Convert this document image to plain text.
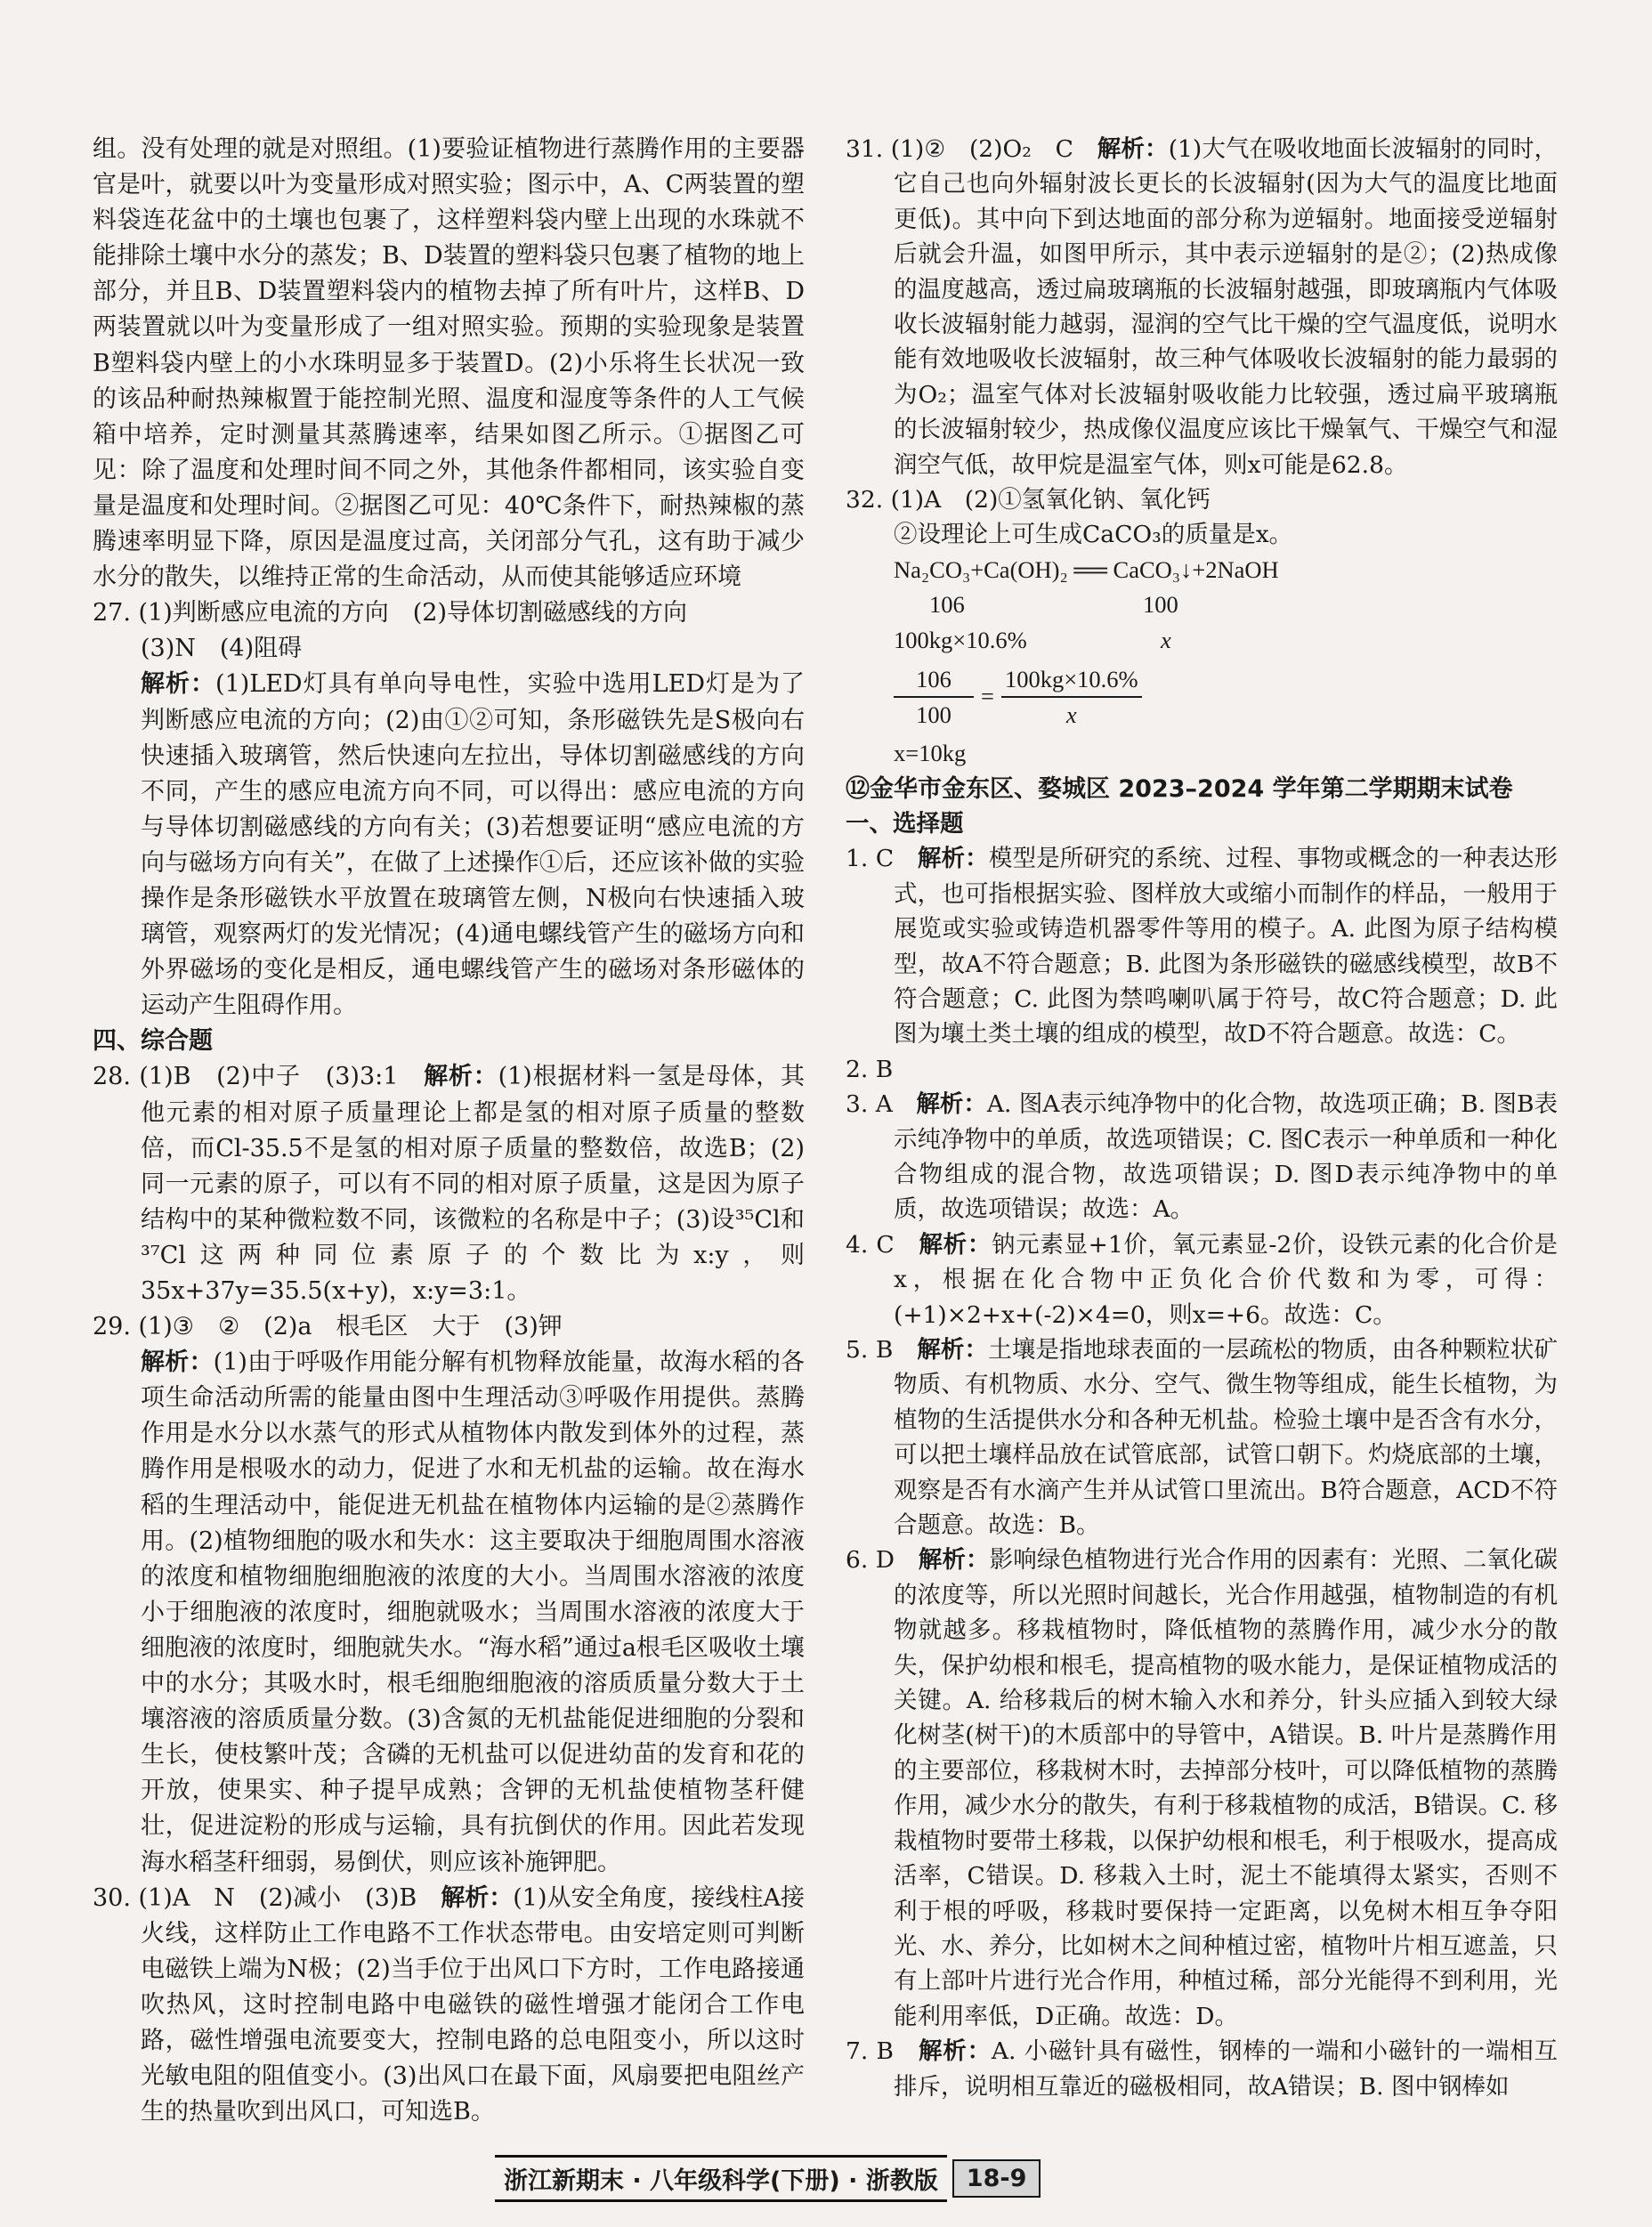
组。没有处理的就是对照组。(1)要验证植物进行蒸腾作用的主要器官是叶，就要以叶为变量形成对照实验；图示中，A、C两装置的塑料袋连花盆中的土壤也包裹了，这样塑料袋内壁上出现的水珠就不能排除土壤中水分的蒸发；B、D装置的塑料袋只包裹了植物的地上部分，并且B、D装置塑料袋内的植物去掉了所有叶片，这样B、D两装置就以叶为变量形成了一组对照实验。预期的实验现象是装置B塑料袋内壁上的小水珠明显多于装置D。(2)小乐将生长状况一致的该品种耐热辣椒置于能控制光照、温度和湿度等条件的人工气候箱中培养，定时测量其蒸腾速率，结果如图乙所示。①据图乙可见：除了温度和处理时间不同之外，其他条件都相同，该实验自变量是温度和处理时间。②据图乙可见：40℃条件下，耐热辣椒的蒸腾速率明显下降，原因是温度过高，关闭部分气孔，这有助于减少水分的散失，以维持正常的生命活动，从而使其能够适应环境

27. (1)判断感应电流的方向　(2)导体切割磁感线的方向

(3)N　(4)阻碍

解析：(1)LED灯具有单向导电性，实验中选用LED灯是为了判断感应电流的方向；(2)由①②可知，条形磁铁先是S极向右快速插入玻璃管，然后快速向左拉出，导体切割磁感线的方向不同，产生的感应电流方向不同，可以得出：感应电流的方向与导体切割磁感线的方向有关；(3)若想要证明“感应电流的方向与磁场方向有关”，在做了上述操作①后，还应该补做的实验操作是条形磁铁水平放置在玻璃管左侧，N极向右快速插入玻璃管，观察两灯的发光情况；(4)通电螺线管产生的磁场方向和外界磁场的变化是相反，通电螺线管产生的磁场对条形磁体的运动产生阻碍作用。

四、综合题

28. (1)B　(2)中子　(3)3:1　解析：(1)根据材料一氢是母体，其他元素的相对原子质量理论上都是氢的相对原子质量的整数倍，而Cl-35.5不是氢的相对原子质量的整数倍，故选B；(2)同一元素的原子，可以有不同的相对原子质量，这是因为原子结构中的某种微粒数不同，该微粒的名称是中子；(3)设³⁵Cl和³⁷Cl这两种同位素原子的个数比为x:y，则35x+37y=35.5(x+y)，x:y=3:1。

29. (1)③　②　(2)a　根毛区　大于　(3)钾

解析：(1)由于呼吸作用能分解有机物释放能量，故海水稻的各项生命活动所需的能量由图中生理活动③呼吸作用提供。蒸腾作用是水分以水蒸气的形式从植物体内散发到体外的过程，蒸腾作用是根吸水的动力，促进了水和无机盐的运输。故在海水稻的生理活动中，能促进无机盐在植物体内运输的是②蒸腾作用。(2)植物细胞的吸水和失水：这主要取决于细胞周围水溶液的浓度和植物细胞细胞液的浓度的大小。当周围水溶液的浓度小于细胞液的浓度时，细胞就吸水；当周围水溶液的浓度大于细胞液的浓度时，细胞就失水。“海水稻”通过a根毛区吸收土壤中的水分；其吸水时，根毛细胞细胞液的溶质质量分数大于土壤溶液的溶质质量分数。(3)含氮的无机盐能促进细胞的分裂和生长，使枝繁叶茂；含磷的无机盐可以促进幼苗的发育和花的开放，使果实、种子提早成熟；含钾的无机盐使植物茎秆健壮，促进淀粉的形成与运输，具有抗倒伏的作用。因此若发现海水稻茎秆细弱，易倒伏，则应该补施钾肥。

30. (1)A　N　(2)减小　(3)B　解析：(1)从安全角度，接线柱A接火线，这样防止工作电路不工作状态带电。由安培定则可判断电磁铁上端为N极；(2)当手位于出风口下方时，工作电路接通吹热风，这时控制电路中电磁铁的磁性增强才能闭合工作电路，磁性增强电流要变大，控制电路的总电阻变小，所以这时光敏电阻的阻值变小。(3)出风口在最下面，风扇要把电阻丝产生的热量吹到出风口，可知选B。

31. (1)②　(2)O₂　C　解析：(1)大气在吸收地面长波辐射的同时，它自己也向外辐射波长更长的长波辐射(因为大气的温度比地面更低)。其中向下到达地面的部分称为逆辐射。地面接受逆辐射后就会升温，如图甲所示，其中表示逆辐射的是②；(2)热成像的温度越高，透过扁玻璃瓶的长波辐射越强，即玻璃瓶内气体吸收长波辐射能力越弱，湿润的空气比干燥的空气温度低，说明水能有效地吸收长波辐射，故三种气体吸收长波辐射的能力最弱的为O₂；温室气体对长波辐射吸收能力比较强，透过扁平玻璃瓶的长波辐射较少，热成像仪温度应该比干燥氧气、干燥空气和湿润空气低，故甲烷是温室气体，则x可能是62.8。

32. (1)A　(2)①氢氧化钠、氧化钙

②设理论上可生成CaCO₃的质量是x。

Na₂CO₃+Ca(OH)₂ ══ CaCO₃↓+2NaOH
106	100
100kg×10.6%	x
$\frac{106}{100} = \frac{100kg\times 10.6\%}{x}$
x=10kg

⑫金华市金东区、婺城区 2023–2024 学年第二学期期末试卷

一、选择题

1. C　解析：模型是所研究的系统、过程、事物或概念的一种表达形式，也可指根据实验、图样放大或缩小而制作的样品，一般用于展览或实验或铸造机器零件等用的模子。A. 此图为原子结构模型，故A不符合题意；B. 此图为条形磁铁的磁感线模型，故B不符合题意；C. 此图为禁鸣喇叭属于符号，故C符合题意；D. 此图为壤土类土壤的组成的模型，故D不符合题意。故选：C。

2. B

3. A　解析：A. 图A表示纯净物中的化合物，故选项正确；B. 图B表示纯净物中的单质，故选项错误；C. 图C表示一种单质和一种化合物组成的混合物，故选项错误；D. 图D表示纯净物中的单质，故选项错误；故选：A。

4. C　解析：钠元素显+1价，氧元素显-2价，设铁元素的化合价是x，根据在化合物中正负化合价代数和为零，可得：(+1)×2+x+(-2)×4=0，则x=+6。故选：C。

5. B　解析：土壤是指地球表面的一层疏松的物质，由各种颗粒状矿物质、有机物质、水分、空气、微生物等组成，能生长植物，为植物的生活提供水分和各种无机盐。检验土壤中是否含有水分，可以把土壤样品放在试管底部，试管口朝下。灼烧底部的土壤，观察是否有水滴产生并从试管口里流出。B符合题意，ACD不符合题意。故选：B。

6. D　解析：影响绿色植物进行光合作用的因素有：光照、二氧化碳的浓度等，所以光照时间越长，光合作用越强，植物制造的有机物就越多。移栽植物时，降低植物的蒸腾作用，减少水分的散失，保护幼根和根毛，提高植物的吸水能力，是保证植物成活的关键。A. 给移栽后的树木输入水和养分，针头应插入到较大绿化树茎(树干)的木质部中的导管中，A错误。B. 叶片是蒸腾作用的主要部位，移栽树木时，去掉部分枝叶，可以降低植物的蒸腾作用，减少水分的散失，有利于移栽植物的成活，B错误。C. 移栽植物时要带土移栽，以保护幼根和根毛，利于根吸水，提高成活率，C错误。D. 移栽入土时，泥土不能填得太紧实，否则不利于根的呼吸，移栽时要保持一定距离，以免树木相互争夺阳光、水、养分，比如树木之间种植过密，植物叶片相互遮盖，只有上部叶片进行光合作用，种植过稀，部分光能得不到利用，光能利用率低，D正确。故选：D。

7. B　解析：A. 小磁针具有磁性，钢棒的一端和小磁针的一端相互排斥，说明相互靠近的磁极相同，故A错误；B. 图中钢棒如

浙江新期末 · 八年级科学(下册) · 浙教版	18-9
